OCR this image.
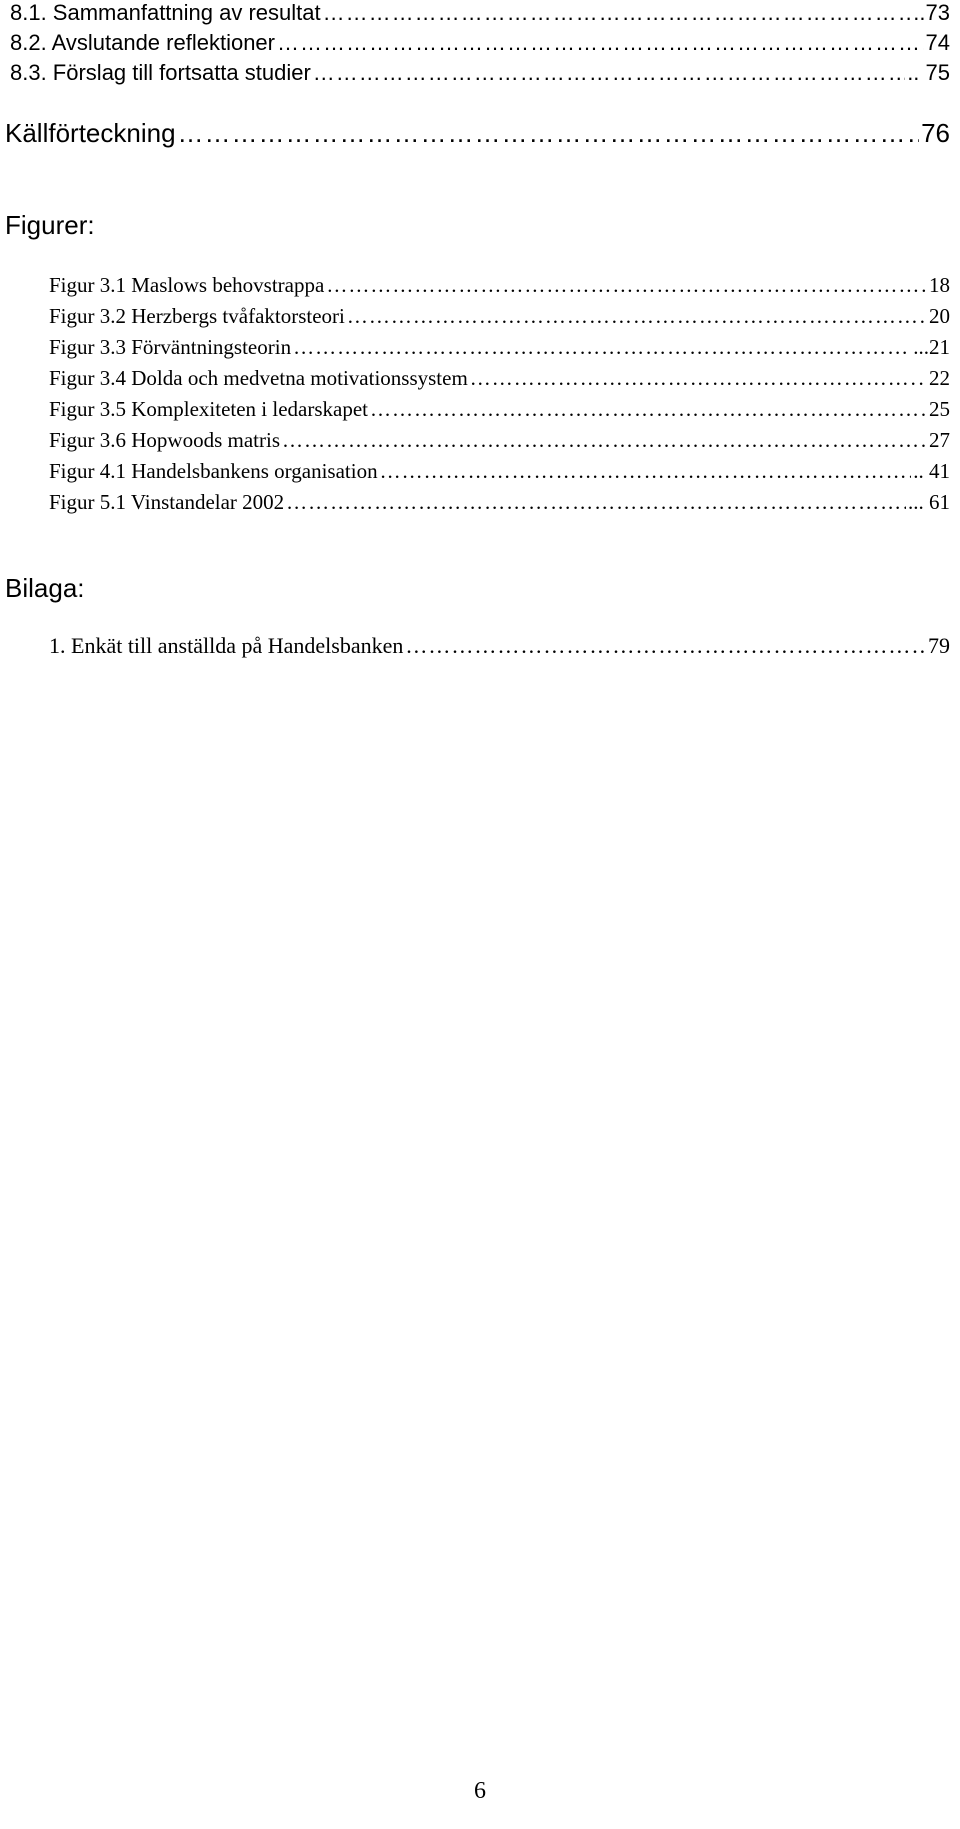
8.1. Sammanfattning av resultat ……………………………………………………………………………………………………………………………………………………………………	..73
8.2. Avslutande reflektioner ……………………………………………………………………………………………………………………………………………………………………	74
8.3. Förslag till fortsatta studier ……………………………………………………………………………………………………………………………………………………………………	.. 75
Källförteckning ……………………………………………………………………………………………………………………………………………………………………	76
Figurer:
Figur 3.1 Maslows behovstrappa ……………………………………………………………………………………………………………………………………………………………………	18
Figur 3.2 Herzbergs tvåfaktorsteori ……………………………………………………………………………………………………………………………………………………………………	20
Figur 3.3 Förväntningsteorin ……………………………………………………………………………………………………………………………………………………………………	...21
Figur 3.4 Dolda och medvetna motivationssystem ……………………………………………………………………………………………………………………………………………………………………	. 22
Figur 3.5 Komplexiteten i ledarskapet ……………………………………………………………………………………………………………………………………………………………………	25
Figur 3.6 Hopwoods matris ……………………………………………………………………………………………………………………………………………………………………	27
Figur 4.1 Handelsbankens organisation ……………………………………………………………………………………………………………………………………………………………………	.. 41
Figur 5.1 Vinstandelar 2002 ……………………………………………………………………………………………………………………………………………………………………	... 61
Bilaga:
1. Enkät till anställda på Handelsbanken ……………………………………………………………………………………………………………………………………………………………………	79
6
